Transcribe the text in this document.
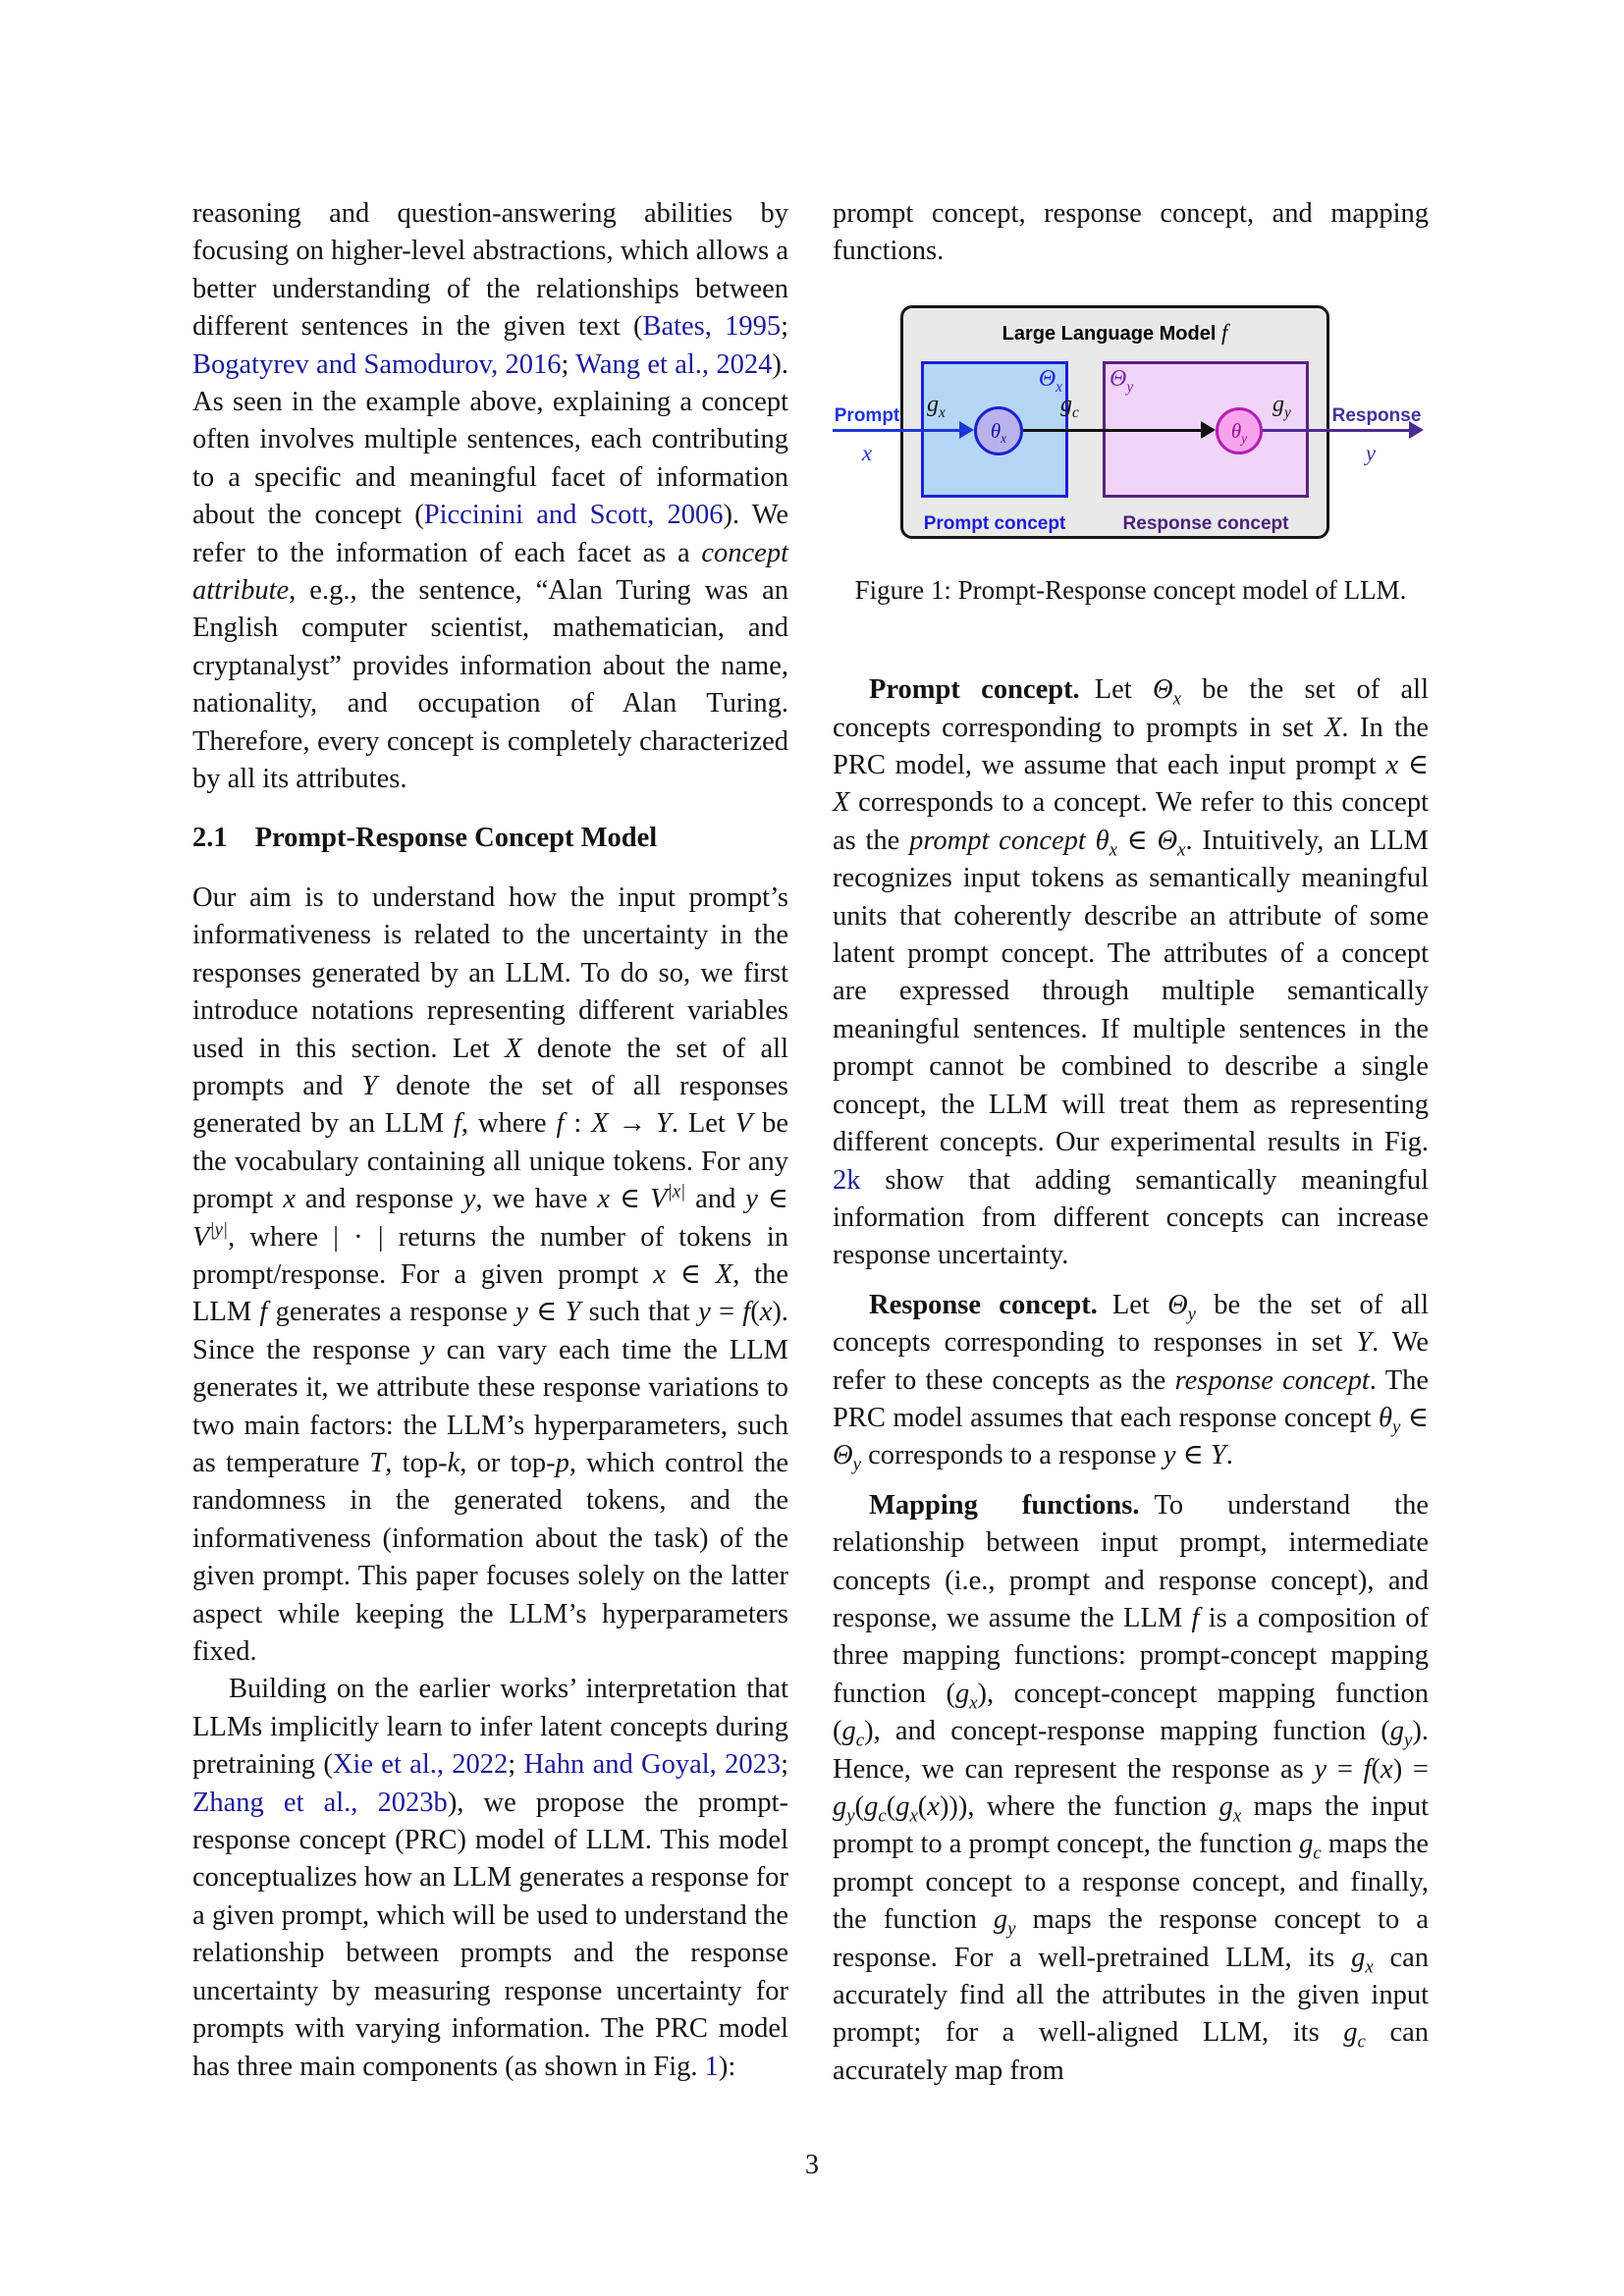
reasoning and question-answering abilities by focusing on higher-level abstractions, which allows a better understanding of the relationships between different sentences in the given text (Bates, 1995; Bogatyrev and Samodurov, 2016; Wang et al., 2024). As seen in the example above, explaining a concept often involves multiple sentences, each contributing to a specific and meaningful facet of information about the concept (Piccinini and Scott, 2006). We refer to the information of each facet as a concept attribute, e.g., the sentence, “Alan Turing was an English computer scientist, mathematician, and cryptanalyst” provides information about the name, nationality, and occupation of Alan Turing. Therefore, every concept is completely characterized by all its attributes.

2.1 Prompt-Response Concept Model

Our aim is to understand how the input prompt’s informativeness is related to the uncertainty in the responses generated by an LLM. To do so, we first introduce notations representing different variables used in this section. Let X denote the set of all prompts and Y denote the set of all responses generated by an LLM f, where f : X → Y. Let V be the vocabulary containing all unique tokens. For any prompt x and response y, we have x ∈ $V^{|x|}$ and y ∈ $V^{|y|}$, where | · | returns the number of tokens in prompt/response. For a given prompt x ∈ X, the LLM f generates a response y ∈ Y such that y = f(x). Since the response y can vary each time the LLM generates it, we attribute these response variations to two main factors: the LLM’s hyperparameters, such as temperature T, top-k, or top-p, which control the randomness in the generated tokens, and the informativeness (information about the task) of the given prompt. This paper focuses solely on the latter aspect while keeping the LLM’s hyperparameters fixed.

Building on the earlier works’ interpretation that LLMs implicitly learn to infer latent concepts during pretraining (Xie et al., 2022; Hahn and Goyal, 2023; Zhang et al., 2023b), we propose the prompt-response concept (PRC) model of LLM. This model conceptualizes how an LLM generates a response for a given prompt, which will be used to understand the relationship between prompts and the response uncertainty by measuring response uncertainty for prompts with varying information. The PRC model has three main components (as shown in Fig. 1):

prompt concept, response concept, and mapping functions.

Large Language Model f
$\theta_x$	$\theta_y$
$g_x$	$g_c$	$g_y$
$\Theta_x$ $\Theta_y$
Prompt
x
Response
y
Prompt concept	Response concept
Figure 1: Prompt-Response concept model of LLM.

Prompt concept. Let $\Theta_x$ be the set of all concepts corresponding to prompts in set X. In the PRC model, we assume that each input prompt x ∈ X corresponds to a concept. We refer to this concept as the prompt concept $\theta_x$ ∈ $\Theta_x$. Intuitively, an LLM recognizes input tokens as semantically meaningful units that coherently describe an attribute of some latent prompt concept. The attributes of a concept are expressed through multiple semantically meaningful sentences. If multiple sentences in the prompt cannot be combined to describe a single concept, the LLM will treat them as representing different concepts. Our experimental results in Fig. 2k show that adding semantically meaningful information from different concepts can increase response uncertainty.

Response concept. Let $\Theta_y$ be the set of all concepts corresponding to responses in set Y. We refer to these concepts as the response concept. The PRC model assumes that each response concept $\theta_y$ ∈ $\Theta_y$ corresponds to a response y ∈ Y.

Mapping functions. To understand the relationship between input prompt, intermediate concepts (i.e., prompt and response concept), and response, we assume the LLM f is a composition of three mapping functions: prompt-concept mapping function $(g_x)$, concept-concept mapping function $(g_c)$, and concept-response mapping function $(g_y)$. Hence, we can represent the response as $y = f(x) = g_y(g_c(g_x(x)))$, where the function $g_x$ maps the input prompt to a prompt concept, the function $g_c$ maps the prompt concept to a response concept, and finally, the function $g_y$ maps the response concept to a response. For a well-pretrained LLM, its $g_x$ can accurately find all the attributes in the given input prompt; for a well-aligned LLM, its $g_c$ can accurately map from

3
